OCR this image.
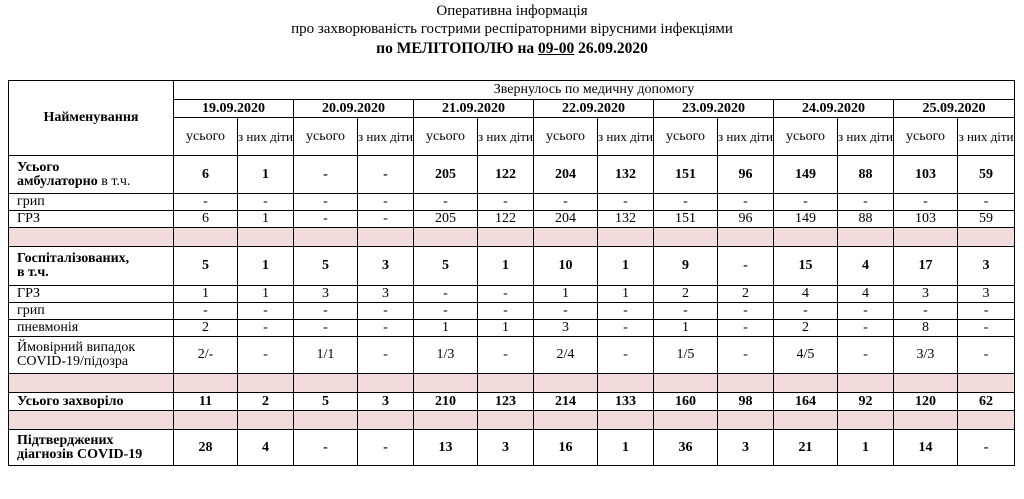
Оперативна інформація
про захворюваність гострими респіраторними вірусними інфекціями
по МЕЛІТОПОЛЮ на 09-00 26.09.2020
Найменування	Звернулось по медичну допомогу													
	19.09.2020		20.09.2020		21.09.2020		22.09.2020		23.09.2020		24.09.2020		25.09.2020	
	усього	з них діти	усього	з них діти	усього	з них діти	усього	з них діти	усього	з них діти	усього	з них діти	усього	з них діти
Усього
амбулаторно в т.ч.	6	1	-	-	205	122	204	132	151	96	149	88	103	59
грип	-	-	-	-	-	-	-	-	-	-	-	-	-	-
ГРЗ	6	1	-	-	205	122	204	132	151	96	149	88	103	59

Госпіталізованих,
в т.ч.	5	1	5	3	5	1	10	1	9	-	15	4	17	3
ГРЗ	1	1	3	3	-	-	1	1	2	2	4	4	3	3
грип	-	-	-	-	-	-	-	-	-	-	-	-	-	-
пневмонія	2	-	-	-	1	1	3	-	1	-	2	-	8	-
Ймовірний випадок
COVID-19/підозра	2/-	-	1/1	-	1/3	-	2/4	-	1/5	-	4/5	-	3/3	-

Усього захворіло	11	2	5	3	210	123	214	133	160	98	164	92	120	62

Підтверджених
діагнозів COVID-19	28	4	-	-	13	3	16	1	36	3	21	1	14	-
